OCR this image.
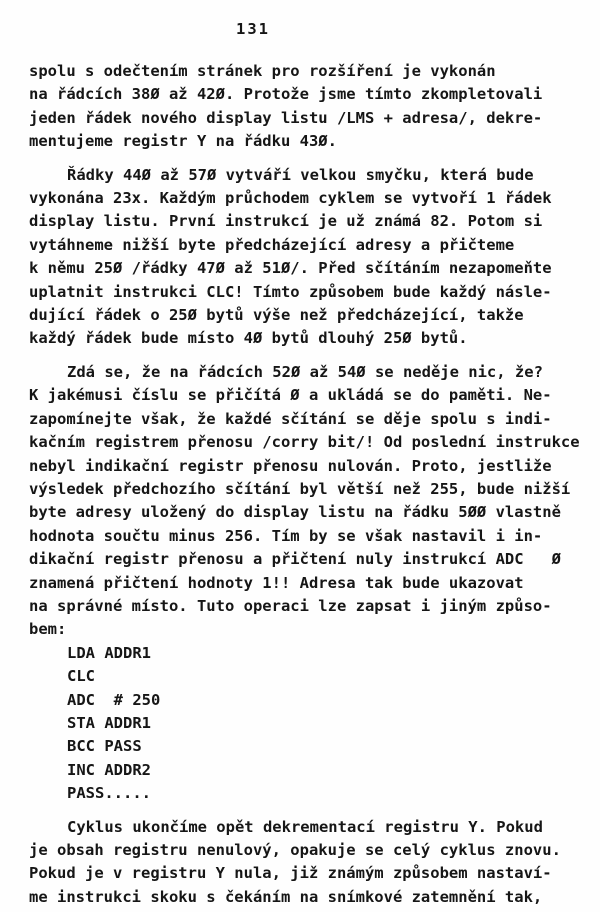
131
spolu s odečtením stránek pro rozšíření je vykonán
na řádcích 38Ø až 42Ø. Protože jsme tímto zkompletovali
jeden řádek nového display listu /LMS + adresa/, dekre-
mentujeme registr Y na řádku 43Ø.
Řádky 44Ø až 57Ø vytváří velkou smyčku, která bude
vykonána 23x. Každým průchodem cyklem se vytvoří 1 řádek
display listu. První instrukcí je už známá 82. Potom si
vytáhneme nižší byte předcházející adresy a přičteme
k němu 25Ø /řádky 47Ø až 51Ø/. Před sčítáním nezapomeňte
uplatnit instrukci CLC! Tímto způsobem bude každý násle-
dující řádek o 25Ø bytů výše než předcházející, takže
každý řádek bude místo 4Ø bytů dlouhý 25Ø bytů.
Zdá se, že na řádcích 52Ø až 54Ø se neděje nic, že?
K jakémusi číslu se přičítá Ø a ukládá se do paměti. Ne-
zapomínejte však, že každé sčítání se děje spolu s indi-
kačním registrem přenosu /corry bit/! Od poslední instrukce
nebyl indikační registr přenosu nulován. Proto, jestliže
výsledek předchozího sčítání byl větší než 255, bude nižší
byte adresy uložený do display listu na řádku 5ØØ vlastně
hodnota součtu minus 256. Tím by se však nastavil i in-
dikační registr přenosu a přičtení nuly instrukcí ADC   Ø
znamená přičtení hodnoty 1!! Adresa tak bude ukazovat
na správné místo. Tuto operaci lze zapsat i jiným způso-
bem:
LDA ADDR1
CLC
ADC  # 250
STA ADDR1
BCC PASS
INC ADDR2
PASS.....
Cyklus ukončíme opět dekrementací registru Y. Pokud
je obsah registru nenulový, opakuje se celý cyklus znovu.
Pokud je v registru Y nula, již známým způsobem nastaví-
me instrukci skoku s čekáním na snímkové zatemnění tak,
